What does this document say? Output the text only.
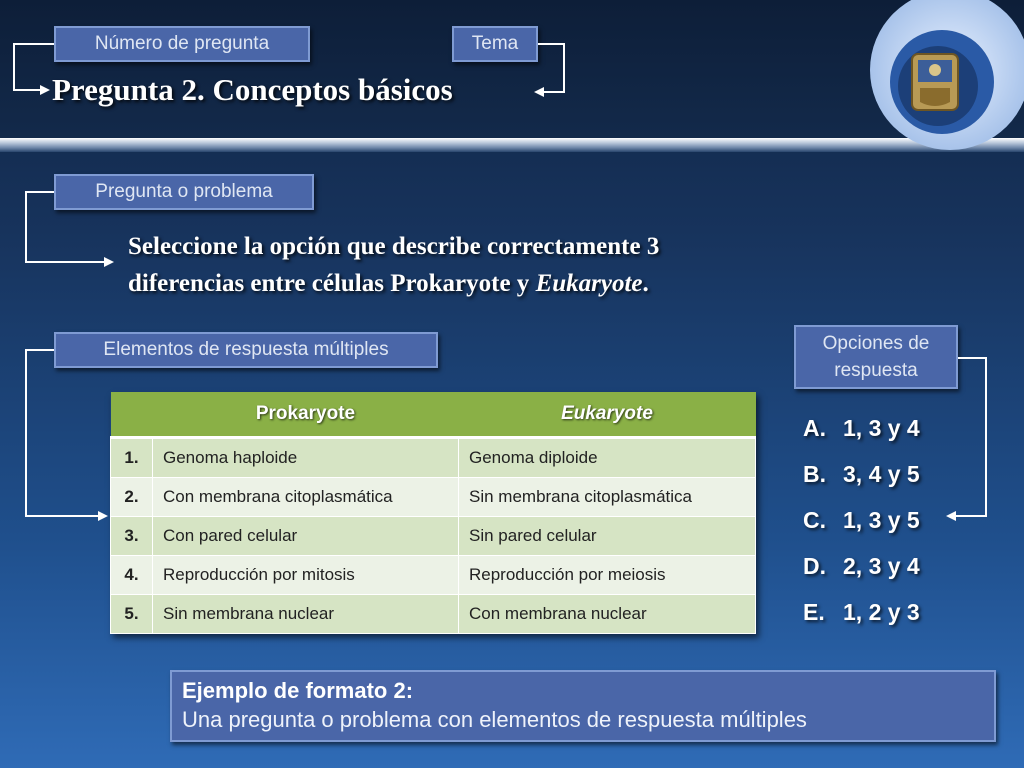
Número de pregunta	Tema
Pregunta 2. Conceptos básicos
Pregunta o problema
Seleccione la opción que describe correctamente 3
diferencias entre células Prokaryote y Eukaryote.
Elementos de respuesta múltiples
	Prokaryote	Eukaryote
1.	Genoma haploide	Genoma diploide
2.	Con membrana citoplasmática	Sin membrana citoplasmática
3.	Con pared celular	Sin pared celular
4.	Reproducción por mitosis	Reproducción por meiosis
5.	Sin membrana nuclear	Con membrana nuclear
Opciones de
respuesta
A. 1, 3 y 4
B. 3, 4 y 5
C. 1, 3 y 5
D. 2, 3 y 4
E. 1, 2 y 3
Ejemplo de formato 2:
Una pregunta o problema con elementos de respuesta múltiples
